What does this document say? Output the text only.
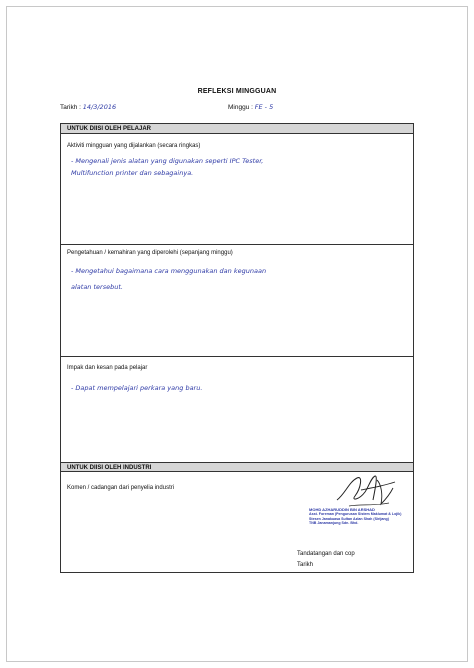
REFLEKSI MINGGUAN
Tarikh : 14/3/2016	Minggu : FE - 5
UNTUK DIISI OLEH PELAJAR
Aktiviti mingguan yang dijalankan (secara ringkas)
- Mengenali jenis alatan yang digunakan seperti IPC Tester,
Multifunction printer dan sebagainya.
Pengetahuan / kemahiran yang diperolehi (sepanjang minggu)
- Mengetahui bagaimana cara menggunakan dan kegunaan
alatan tersebut.
Impak dan kesan pada pelajar
- Dapat mempelajari perkara yang baru.
UNTUK DIISI OLEH INDUSTRI
Komen / cadangan dari penyelia industri
MOHD AZHARUDDIN BIN ARSHAD
Asst. Foreman (Pengurusan Sistem Maklumat & Lojik)
Stesen Janakuasa Sultan Azlan Shah (Sirijang)
TNB Janamanjung Sdn. Bhd.
Tandatangan dan cop
Tarikh
